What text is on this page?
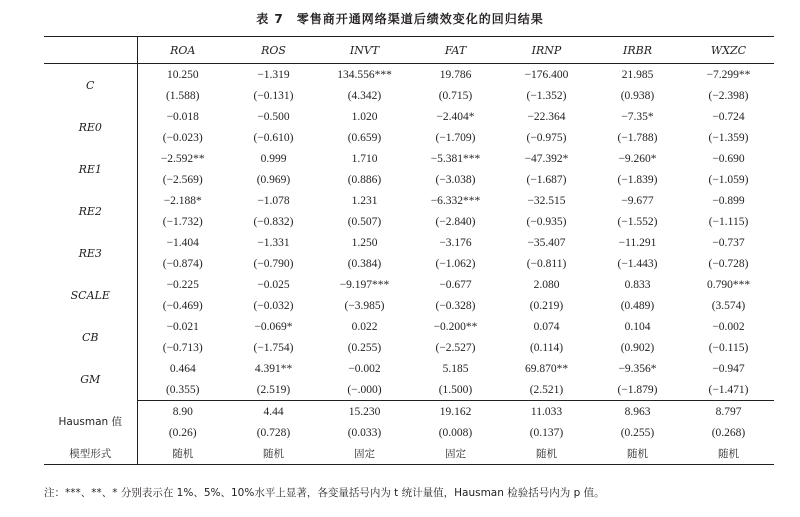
表 7　零售商开通网络渠道后绩效变化的回归结果
	ROA	ROS	INVT	FAT	IRNP	IRBR	WXZC
C	10.250	−1.319	134.556***	19.786	−176.400	21.985	−7.299**
	(1.588)	(−0.131)	(4.342)	(0.715)	(−1.352)	(0.938)	(−2.398)
RE0	−0.018	−0.500	1.020	−2.404*	−22.364	−7.35*	−0.724
	(−0.023)	(−0.610)	(0.659)	(−1.709)	(−0.975)	(−1.788)	(−1.359)
RE1	−2.592**	0.999	1.710	−5.381***	−47.392*	−9.260*	−0.690
	(−2.569)	(0.969)	(0.886)	(−3.038)	(−1.687)	(−1.839)	(−1.059)
RE2	−2.188*	−1.078	1.231	−6.332***	−32.515	−9.677	−0.899
	(−1.732)	(−0.832)	(0.507)	(−2.840)	(−0.935)	(−1.552)	(−1.115)
RE3	−1.404	−1.331	1.250	−3.176	−35.407	−11.291	−0.737
	(−0.874)	(−0.790)	(0.384)	(−1.062)	(−0.811)	(−1.443)	(−0.728)
SCALE	−0.225	−0.025	−9.197***	−0.677	2.080	0.833	0.790***
	(−0.469)	(−0.032)	(−3.985)	(−0.328)	(0.219)	(0.489)	(3.574)
CB	−0.021	−0.069*	0.022	−0.200**	0.074	0.104	−0.002
	(−0.713)	(−1.754)	(0.255)	(−2.527)	(0.114)	(0.902)	(−0.115)
GM	0.464	4.391**	−0.002	5.185	69.870**	−9.356*	−0.947
	(0.355)	(2.519)	(−.000)	(1.500)	(2.521)	(−1.879)	(−1.471)
Hausman 值	8.90	4.44	15.230	19.162	11.033	8.963	8.797
	(0.26)	(0.728)	(0.033)	(0.008)	(0.137)	(0.255)	(0.268)
模型形式	随机	随机	固定	固定	随机	随机	随机
注：***、**、* 分别表示在 1%、5%、10%水平上显著，各变量括号内为 t 统计量值，Hausman 检验括号内为 p 值。
